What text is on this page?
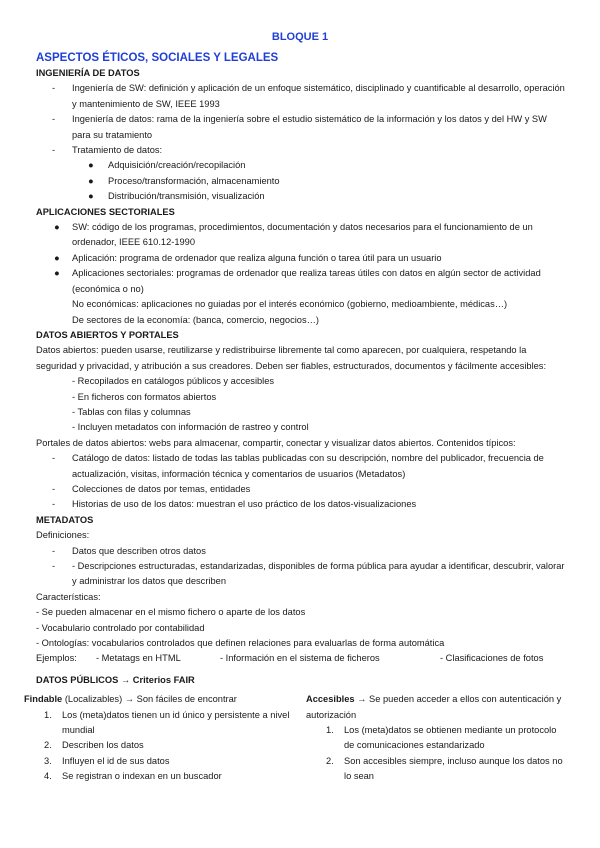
BLOQUE 1
ASPECTOS ÉTICOS, SOCIALES Y LEGALES

INGENIERÍA DE DATOS

-	Ingeniería de SW: definición y aplicación de un enfoque sistemático, disciplinado y cuantificable al desarrollo, operación y mantenimiento de SW, IEEE 1993
-	Ingeniería de datos: rama de la ingeniería sobre el estudio sistemático de la información y los datos y del HW y SW para su tratamiento
-	Tratamiento de datos:
● Adquisición/creación/recopilación
● Proceso/transformación, almacenamiento
● Distribución/transmisión, visualización

APLICACIONES SECTORIALES

● SW: código de los programas, procedimientos, documentación y datos necesarios para el funcionamiento de un ordenador, IEEE 610.12-1990
● Aplicación: programa de ordenador que realiza alguna función o tarea útil para un usuario
● Aplicaciones sectoriales: programas de ordenador que realiza tareas útiles con datos en algún sector de actividad (económica o no)

No económicas: aplicaciones no guiadas por el interés económico (gobierno, medioambiente, médicas…)

De sectores de la economía: (banca, comercio, negocios…)

DATOS ABIERTOS Y PORTALES

Datos abiertos: pueden usarse, reutilizarse y redistribuirse libremente tal como aparecen, por cualquiera, respetando la seguridad y privacidad, y atribución a sus creadores. Deben ser fiables, estructurados, documentos y fácilmente accesibles:

- Recopilados en catálogos públicos y accesibles

- En ficheros con formatos abiertos

- Tablas con filas y columnas

- Incluyen metadatos con información de rastreo y control

Portales de datos abiertos: webs para almacenar, compartir, conectar y visualizar datos abiertos. Contenidos típicos:

-	Catálogo de datos: listado de todas las tablas publicadas con su descripción, nombre del publicador, frecuencia de actualización, visitas, información técnica y comentarios de usuarios (Metadatos)
-	Colecciones de datos por temas, entidades
-	Historias de uso de los datos: muestran el uso práctico de los datos-visualizaciones

METADATOS

Definiciones:

-	Datos que describen otros datos
-	- Descripciones estructuradas, estandarizadas, disponibles de forma pública para ayudar a identificar, descubrir, valorar y administrar los datos que describen

Características:

- Se pueden almacenar en el mismo fichero o aparte de los datos

- Vocabulario controlado por contabilidad

- Ontologías: vocabularios controlados que definen relaciones para evaluarlas de forma automática

Ejemplos: - Metatags en HTML	- Información en el sistema de ficheros	- Clasificaciones de fotos

DATOS PÚBLICOS → Criterios FAIR

Findable (Localizables) → Son fáciles de encontrar

1. Los (meta)datos tienen un id único y persistente a nivel mundial
2. Describen los datos
3. Influyen el id de sus datos
4. Se registran o indexan en un buscador

Accesibles → Se pueden acceder a ellos con autenticación y autorización

1. Los (meta)datos se obtienen mediante un protocolo de comunicaciones estandarizado
2. Son accesibles siempre, incluso aunque los datos no lo sean
